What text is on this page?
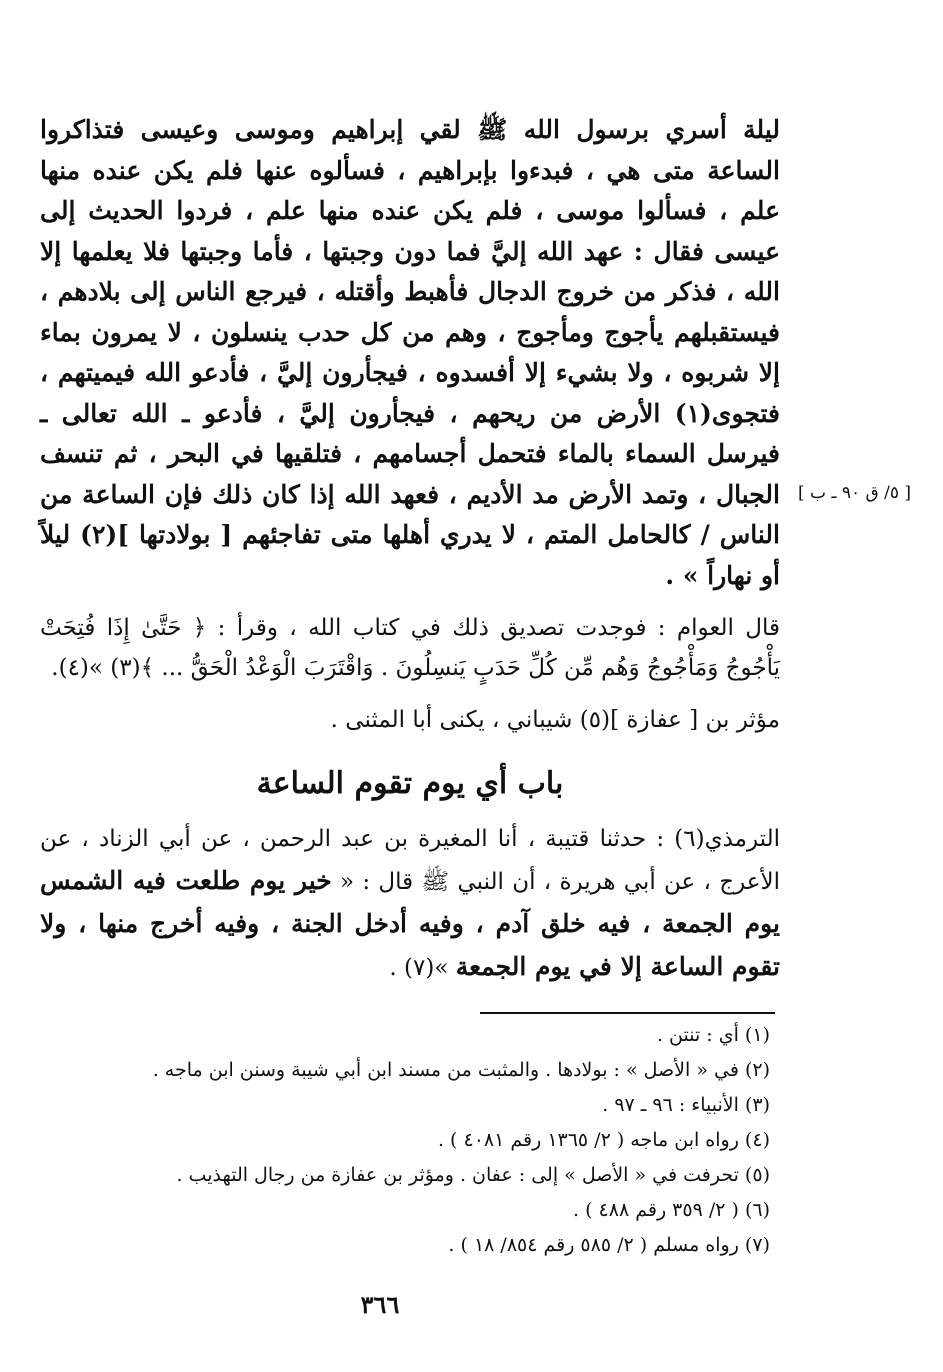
[ ٥/ ق ٩٠ ـ ب ]

ليلة أسري برسول الله ﷺ لقي إبراهيم وموسى وعيسى فتذاكروا الساعة متى هي ، فبدءوا بإبراهيم ، فسألوه عنها فلم يكن عنده منها علم ، فسألوا موسى ، فلم يكن عنده منها علم ، فردوا الحديث إلى عيسى فقال : عهد الله إليَّ فما دون وجبتها ، فأما وجبتها فلا يعلمها إلا الله ، فذكر من خروج الدجال فأهبط وأقتله ، فيرجع الناس إلى بلادهم ، فيستقبلهم يأجوج ومأجوج ، وهم من كل حدب ينسلون ، لا يمرون بماء إلا شربوه ، ولا بشيء إلا أفسدوه ، فيجأرون إليَّ ، فأدعو الله فيميتهم ، فتجوى(١) الأرض من ريحهم ، فيجأرون إليَّ ، فأدعو ـ الله تعالى ـ فيرسل السماء بالماء فتحمل أجسامهم ، فتلقيها في البحر ، ثم تنسف الجبال ، وتمد الأرض مد الأديم ، فعهد الله إذا كان ذلك فإن الساعة من الناس / كالحامل المتم ، لا يدري أهلها متى تفاجئهم [ بولادتها ](٢) ليلاً أو نهاراً » .

قال العوام : فوجدت تصديق ذلك في كتاب الله ، وقرأ : ﴿ حَتَّىٰ إِذَا فُتِحَتْ يَأْجُوجُ وَمَأْجُوجُ وَهُم مِّن كُلِّ حَدَبٍ يَنسِلُونَ . وَاقْتَرَبَ الْوَعْدُ الْحَقُّ ... ﴾(٣) »(٤).

مؤثر بن [ عفازة ](٥) شيباني ، يكنى أبا المثنى .

باب أي يوم تقوم الساعة

الترمذي(٦) : حدثنا قتيبة ، أنا المغيرة بن عبد الرحمن ، عن أبي الزناد ، عن الأعرج ، عن أبي هريرة ، أن النبي ﷺ قال : « خير يوم طلعت فيه الشمس يوم الجمعة ، فيه خلق آدم ، وفيه أدخل الجنة ، وفيه أخرج منها ، ولا تقوم الساعة إلا في يوم الجمعة »(٧) .

(١) أي : تنتن .

(٢) في « الأصل » : بولادها . والمثبت من مسند ابن أبي شيبة وسنن ابن ماجه .

(٣) الأنبياء : ٩٦ ـ ٩٧ .

(٤) رواه ابن ماجه ( ٢/ ١٣٦٥ رقم ٤٠٨١ ) .

(٥) تحرفت في « الأصل » إلى : عفان . ومؤثر بن عفازة من رجال التهذيب .

(٦) ( ٢/ ٣٥٩ رقم ٤٨٨ ) .

(٧) رواه مسلم ( ٢/ ٥٨٥ رقم ٨٥٤/ ١٨ ) .

٣٦٦
